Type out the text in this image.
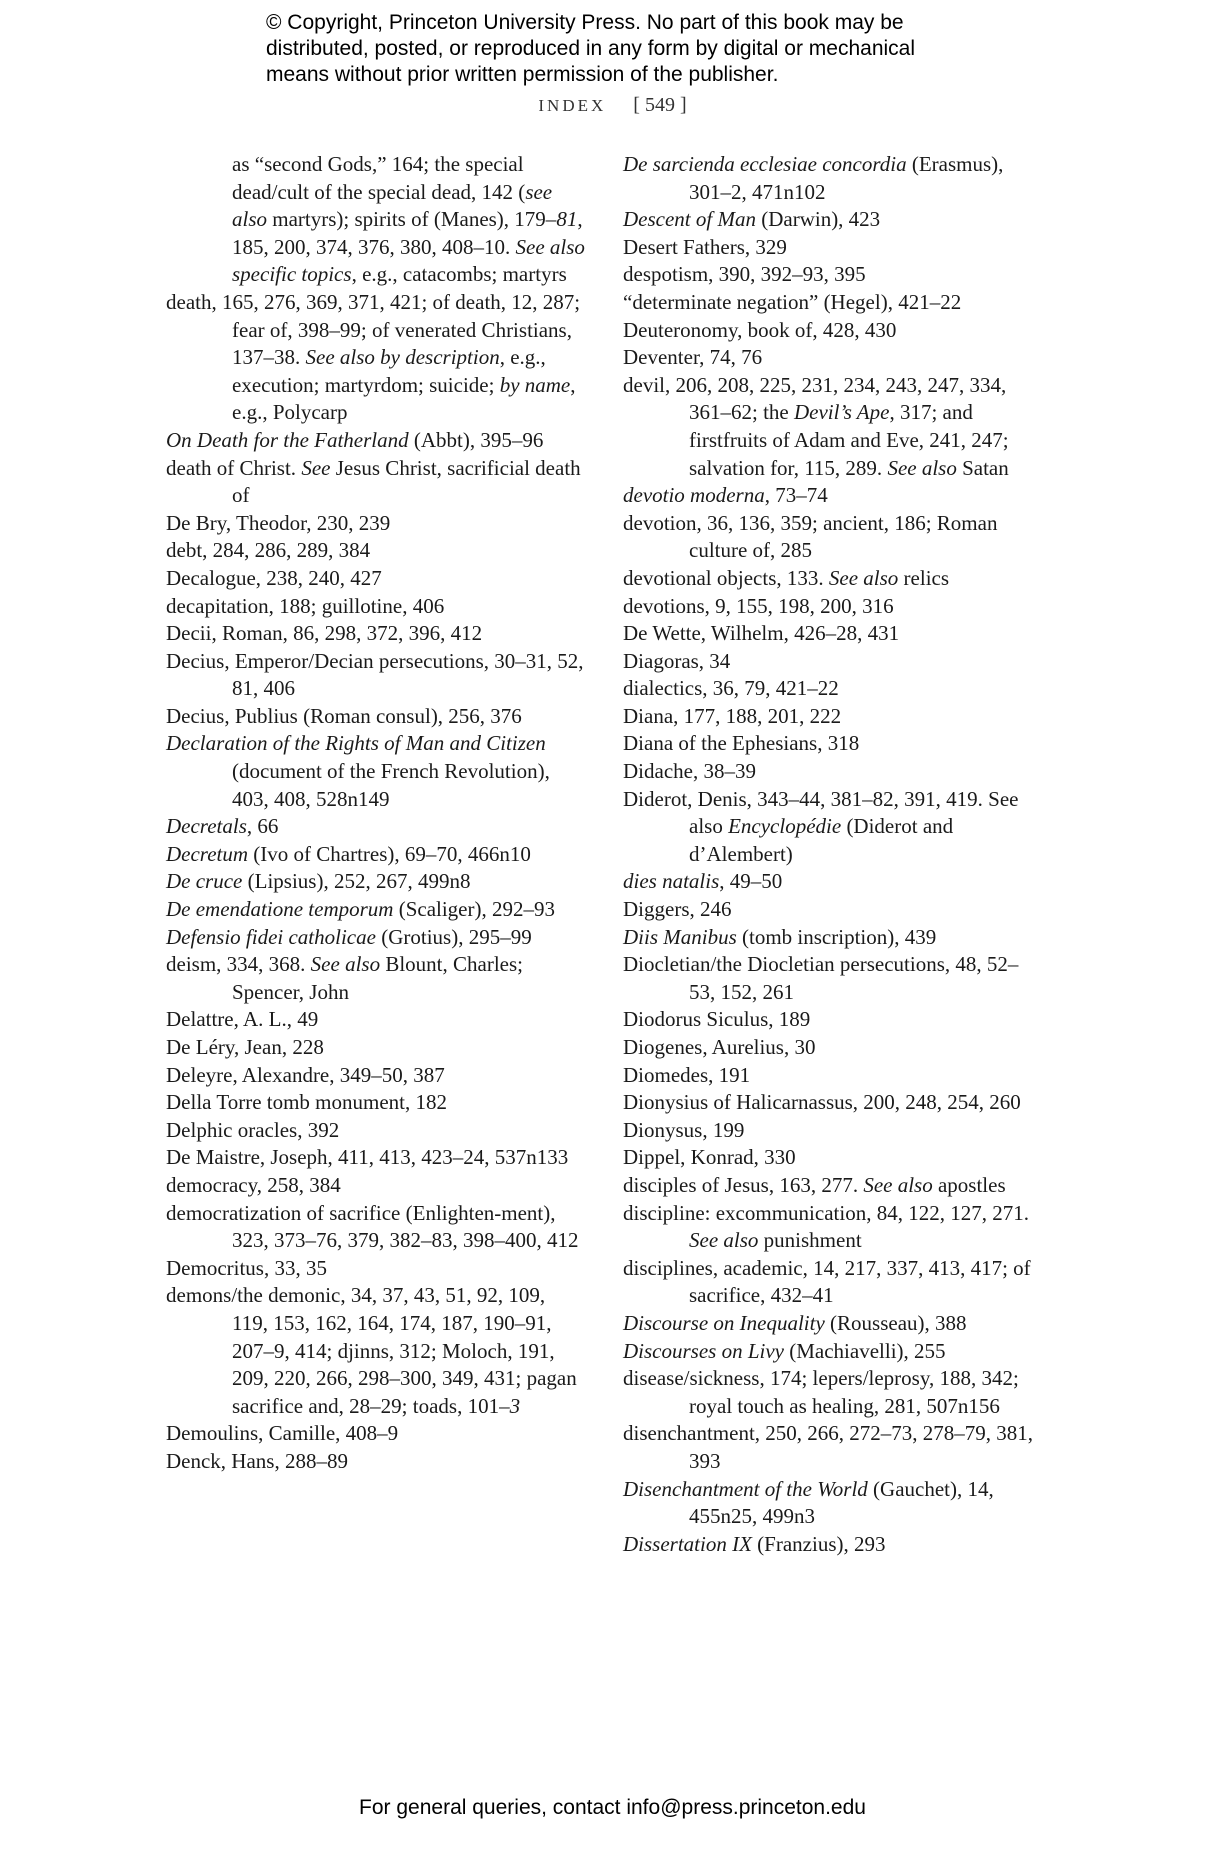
© Copyright, Princeton University Press. No part of this book may be
distributed, posted, or reproduced in any form by digital or mechanical
means without prior written permission of the publisher.
INDEX [ 549 ]

as “second Gods,” 164; the special dead/cult of the special dead, 142 (see also martyrs); spirits of (Manes), 179–81, 185, 200, 374, 376, 380, 408–10. See also specific topics, e.g., catacombs; martyrs

death, 165, 276, 369, 371, 421; of death, 12, 287; fear of, 398–99; of venerated Christians, 137–38. See also by description, e.g., execution; martyrdom; suicide; by name, e.g., Polycarp

On Death for the Fatherland (Abbt), 395–96

death of Christ. See Jesus Christ, sacrificial death of

De Bry, Theodor, 230, 239

debt, 284, 286, 289, 384

Decalogue, 238, 240, 427

decapitation, 188; guillotine, 406

Decii, Roman, 86, 298, 372, 396, 412

Decius, Emperor/Decian persecutions, 30–31, 52, 81, 406

Decius, Publius (Roman consul), 256, 376

Declaration of the Rights of Man and Citizen (document of the French Revolution), 403, 408, 528n149

Decretals, 66

Decretum (Ivo of Chartres), 69–70, 466n10

De cruce (Lipsius), 252, 267, 499n8

De emendatione temporum (Scaliger), 292–93

Defensio fidei catholicae (Grotius), 295–99

deism, 334, 368. See also Blount, Charles; Spencer, John

Delattre, A. L., 49

De Léry, Jean, 228

Deleyre, Alexandre, 349–50, 387

Della Torre tomb monument, 182

Delphic oracles, 392

De Maistre, Joseph, 411, 413, 423–24, 537n133

democracy, 258, 384

democratization of sacrifice (Enlighten-ment), 323, 373–76, 379, 382–83, 398–400, 412

Democritus, 33, 35

demons/the demonic, 34, 37, 43, 51, 92, 109, 119, 153, 162, 164, 174, 187, 190–91, 207–9, 414; djinns, 312; Moloch, 191, 209, 220, 266, 298–300, 349, 431; pagan sacrifice and, 28–29; toads, 101–3

Demoulins, Camille, 408–9

Denck, Hans, 288–89

De sarcienda ecclesiae concordia (Erasmus), 301–2, 471n102

Descent of Man (Darwin), 423

Desert Fathers, 329

despotism, 390, 392–93, 395

“determinate negation” (Hegel), 421–22

Deuteronomy, book of, 428, 430

Deventer, 74, 76

devil, 206, 208, 225, 231, 234, 243, 247, 334, 361–62; the Devil’s Ape, 317; and firstfruits of Adam and Eve, 241, 247; salvation for, 115, 289. See also Satan

devotio moderna, 73–74

devotion, 36, 136, 359; ancient, 186; Roman culture of, 285

devotional objects, 133. See also relics

devotions, 9, 155, 198, 200, 316

De Wette, Wilhelm, 426–28, 431

Diagoras, 34

dialectics, 36, 79, 421–22

Diana, 177, 188, 201, 222

Diana of the Ephesians, 318

Didache, 38–39

Diderot, Denis, 343–44, 381–82, 391, 419. See also Encyclopédie (Diderot and d’Alembert)

dies natalis, 49–50

Diggers, 246

Diis Manibus (tomb inscription), 439

Diocletian/the Diocletian persecutions, 48, 52–53, 152, 261

Diodorus Siculus, 189

Diogenes, Aurelius, 30

Diomedes, 191

Dionysius of Halicarnassus, 200, 248, 254, 260

Dionysus, 199

Dippel, Konrad, 330

disciples of Jesus, 163, 277. See also apostles

discipline: excommunication, 84, 122, 127, 271. See also punishment

disciplines, academic, 14, 217, 337, 413, 417; of sacrifice, 432–41

Discourse on Inequality (Rousseau), 388

Discourses on Livy (Machiavelli), 255

disease/sickness, 174; lepers/leprosy, 188, 342; royal touch as healing, 281, 507n156

disenchantment, 250, 266, 272–73, 278–79, 381, 393

Disenchantment of the World (Gauchet), 14, 455n25, 499n3

Dissertation IX (Franzius), 293

For general queries, contact info@press.princeton.edu
